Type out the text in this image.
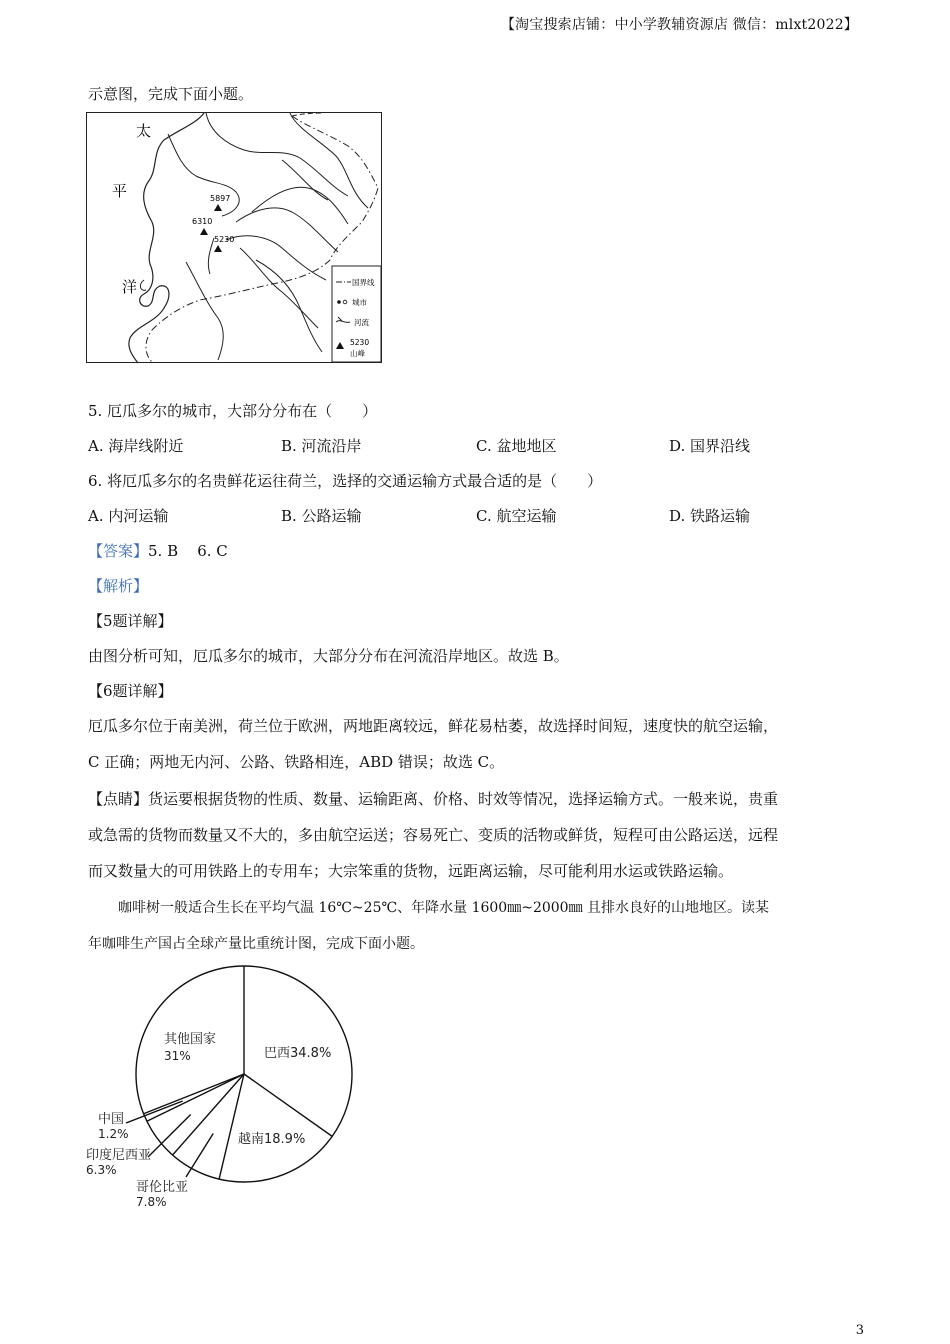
【淘宝搜索店铺：中小学教辅资源店 微信：mlxt2022】
示意图，完成下面小题。
太
平
洋
5897
6310
5230
国界线
城市
河流
5230
山峰
5. 厄瓜多尔的城市，大部分分布在（　　）
A. 海岸线附近	B. 河流沿岸	C. 盆地地区	D. 国界沿线
6. 将厄瓜多尔的名贵鲜花运往荷兰，选择的交通运输方式最合适的是（　　）
A. 内河运输	B. 公路运输	C. 航空运输	D. 铁路运输
【答案】5. B    6. C
【解析】
【5题详解】
由图分析可知，厄瓜多尔的城市，大部分分布在河流沿岸地区。故选 B。
【6题详解】
厄瓜多尔位于南美洲，荷兰位于欧洲，两地距离较远，鲜花易枯萎，故选择时间短，速度快的航空运输，
C 正确；两地无内河、公路、铁路相连，ABD 错误；故选 C。
【点睛】货运要根据货物的性质、数量、运输距离、价格、时效等情况，选择运输方式。一般来说，贵重
或急需的货物而数量又不大的，多由航空运送；容易死亡、变质的活物或鲜货，短程可由公路运送，远程
而又数量大的可用铁路上的专用车；大宗笨重的货物，远距离运输，尽可能利用水运或铁路运输。
咖啡树一般适合生长在平均气温 16℃~25℃、年降水量 1600㎜~2000㎜ 且排水良好的山地地区。读某
年咖啡生产国占全球产量比重统计图，完成下面小题。
巴西34.8%
越南18.9%
其他国家
31%
哥伦比亚
7.8%
印度尼西亚
6.3%
中国
1.2%
3
